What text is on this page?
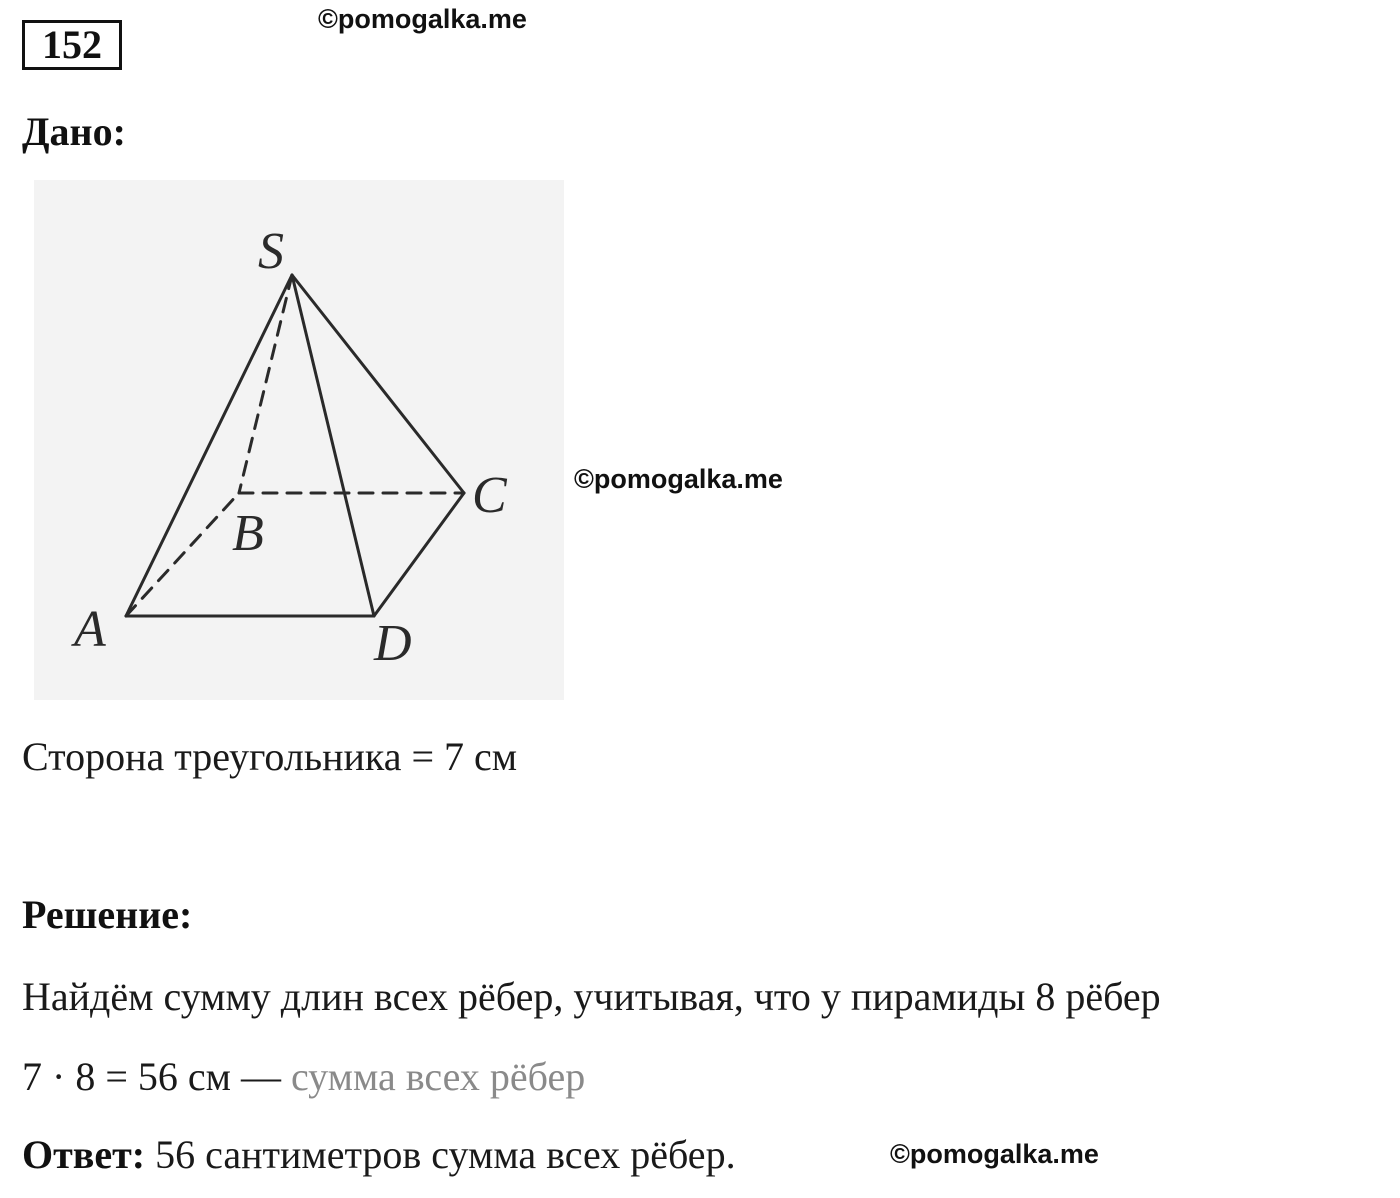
152
©pomogalka.me
Дано:
S
A
B
C
D
©pomogalka.me
Сторона треугольника = 7 см
Решение:
Найдём сумму длин всех рёбер, учитывая, что у пирамиды 8 рёбер
7 · 8 = 56 см — сумма всех рёбер
Ответ: 56 сантиметров сумма всех рёбер.	©pomogalka.me
